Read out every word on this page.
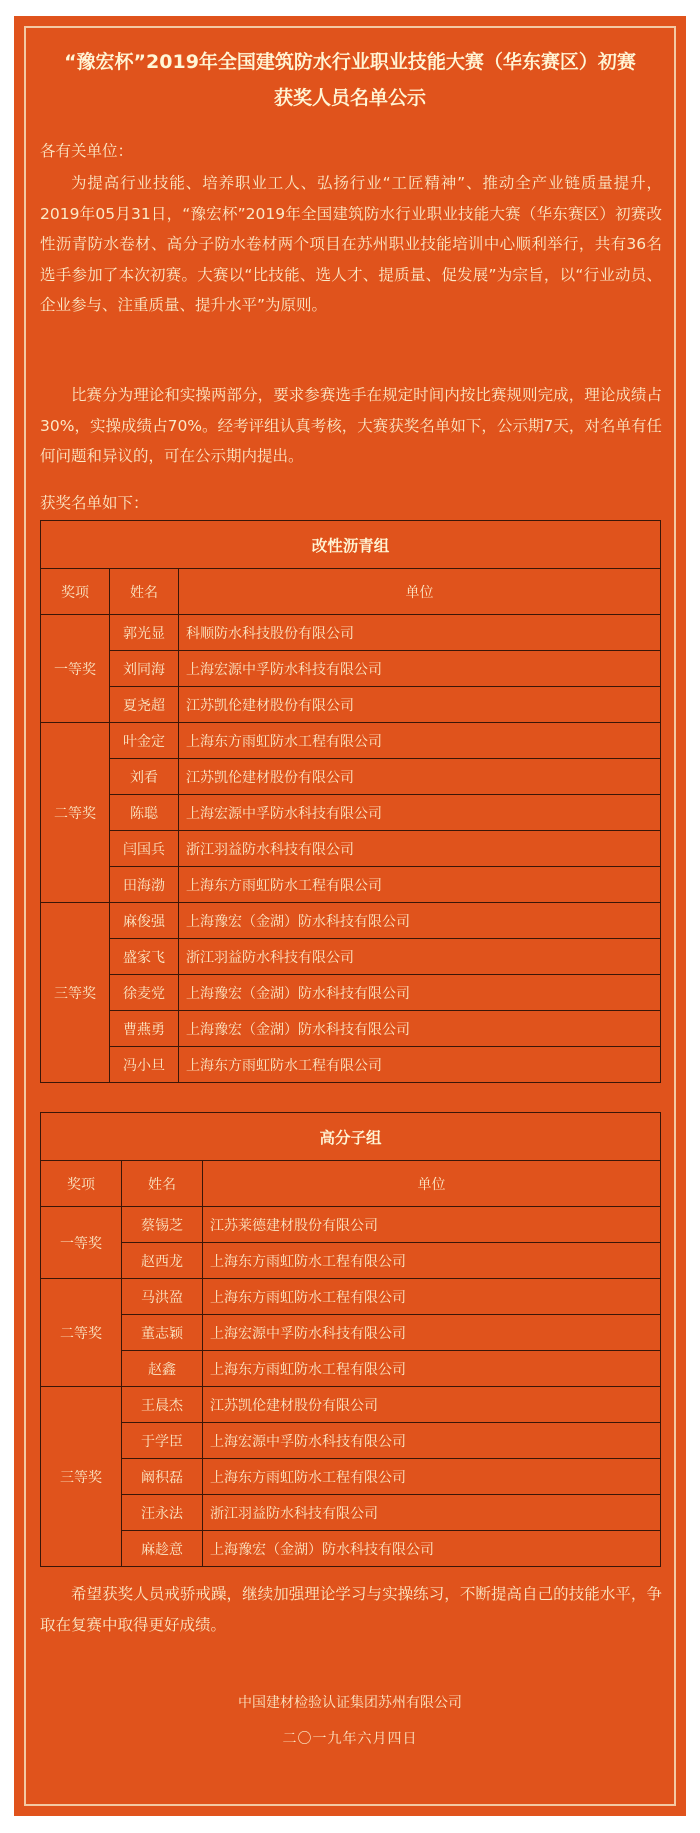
“豫宏杯”2019年全国建筑防水行业职业技能大赛（华东赛区）初赛
获奖人员名单公示

各有关单位：

为提高行业技能、培养职业工人、弘扬行业“工匠精神”、推动全产业链质量提升，2019年05月31日，“豫宏杯”2019年全国建筑防水行业职业技能大赛（华东赛区）初赛改性沥青防水卷材、高分子防水卷材两个项目在苏州职业技能培训中心顺利举行，共有36名选手参加了本次初赛。大赛以“比技能、选人才、提质量、促发展”为宗旨，以“行业动员、企业参与、注重质量、提升水平”为原则。

比赛分为理论和实操两部分，要求参赛选手在规定时间内按比赛规则完成，理论成绩占30%，实操成绩占70%。经考评组认真考核，大赛获奖名单如下，公示期7天，对名单有任何问题和异议的，可在公示期内提出。

获奖名单如下：

改性沥青组		
奖项	姓名	单位
一等奖	郭光显	科顺防水科技股份有限公司
	刘同海	上海宏源中孚防水科技有限公司
	夏尧超	江苏凯伦建材股份有限公司
二等奖	叶金定	上海东方雨虹防水工程有限公司
	刘看	江苏凯伦建材股份有限公司
	陈聪	上海宏源中孚防水科技有限公司
	闫国兵	浙江羽益防水科技有限公司
	田海渤	上海东方雨虹防水工程有限公司
三等奖	麻俊强	上海豫宏（金湖）防水科技有限公司
	盛家飞	浙江羽益防水科技有限公司
	徐麦党	上海豫宏（金湖）防水科技有限公司
	曹燕勇	上海豫宏（金湖）防水科技有限公司
	冯小旦	上海东方雨虹防水工程有限公司
高分子组		
奖项	姓名	单位
一等奖	蔡锡芝	江苏莱德建材股份有限公司
	赵西龙	上海东方雨虹防水工程有限公司
二等奖	马洪盈	上海东方雨虹防水工程有限公司
	董志颖	上海宏源中孚防水科技有限公司
	赵鑫	上海东方雨虹防水工程有限公司
三等奖	王晨杰	江苏凯伦建材股份有限公司
	于学臣	上海宏源中孚防水科技有限公司
	阚积磊	上海东方雨虹防水工程有限公司
	汪永法	浙江羽益防水科技有限公司
	麻趁意	上海豫宏（金湖）防水科技有限公司

希望获奖人员戒骄戒躁，继续加强理论学习与实操练习，不断提高自己的技能水平，争取在复赛中取得更好成绩。

中国建材检验认证集团苏州有限公司

二〇一九年六月四日
